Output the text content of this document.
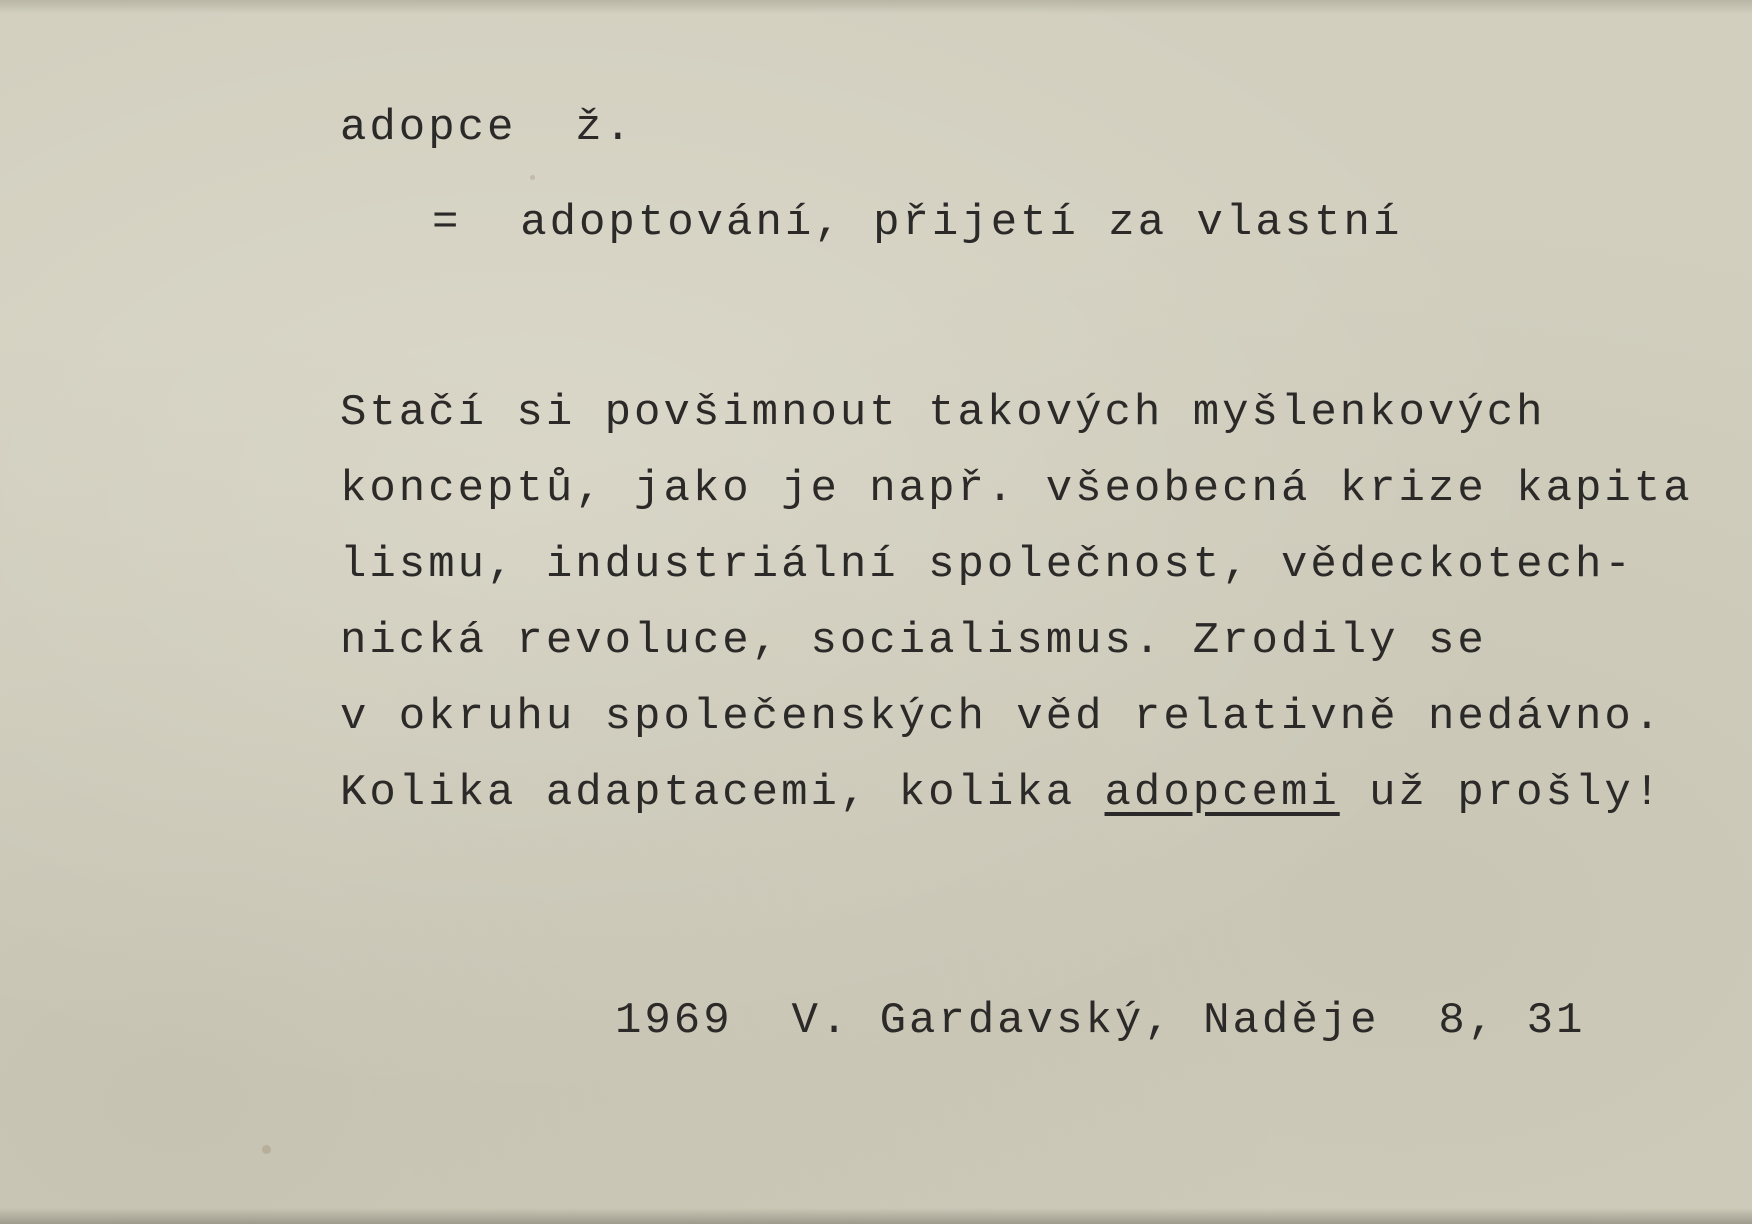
adopce ž.
= adoptování, přijetí za vlastní
Stačí si povšimnout takových myšlenkových
konceptů, jako je např. všeobecná krize kapita
lismu, industriální společnost, vědeckotech-
nická revoluce, socialismus. Zrodily se
v okruhu společenských věd relativně nedávno.
Kolika adaptacemi, kolika adopcemi už prošly!
1969 V. Gardavský, Naděje 8, 31
